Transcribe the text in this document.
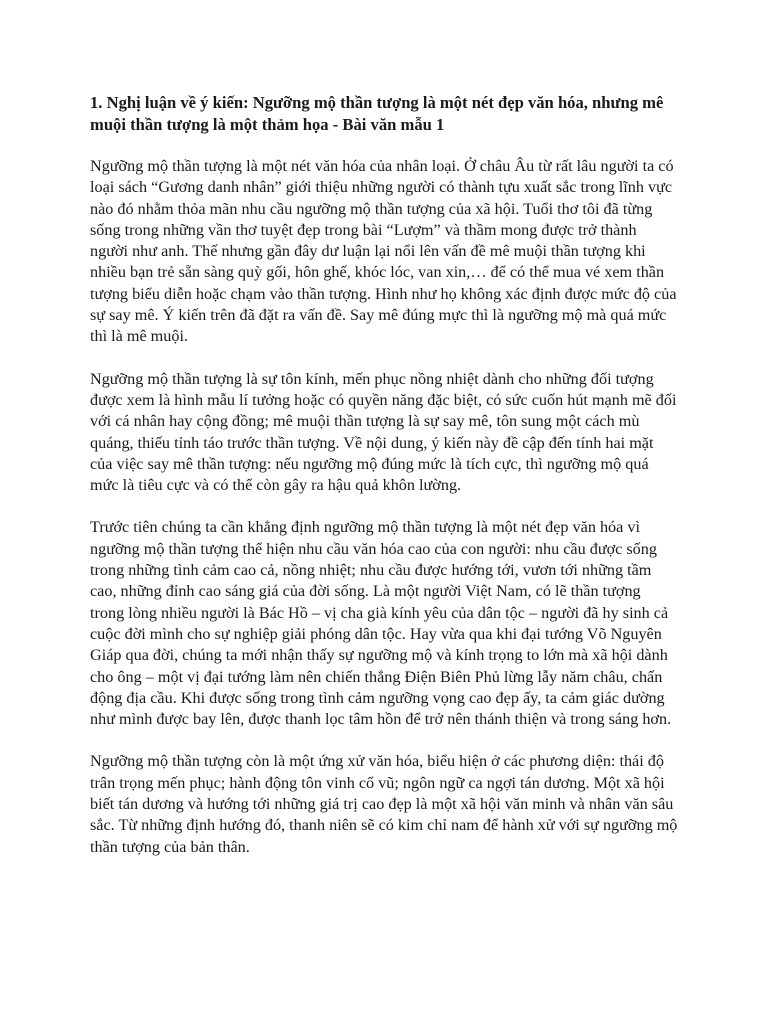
1. Nghị luận về ý kiến: Ngưỡng mộ thần tượng là một nét đẹp văn hóa, nhưng mê muội thần tượng là một thảm họa - Bài văn mẫu 1

Ngưỡng mộ thần tượng là một nét văn hóa của nhân loại. Ở châu Âu từ rất lâu người ta có loại sách “Gương danh nhân” giới thiệu những người có thành tựu xuất sắc trong lĩnh vực nào đó nhằm thỏa mãn nhu cầu ngưỡng mộ thần tượng của xã hội. Tuổi thơ tôi đã từng sống trong những vần thơ tuyệt đẹp trong bài “Lượm” và thầm mong được trở thành người như anh. Thế nhưng gần đây dư luận lại nổi lên vấn đề mê muội thần tượng khi nhiều bạn trẻ sẵn sàng quỳ gối, hôn ghế, khóc lóc, van xin,… để có thể mua vé xem thần tượng biểu diễn hoặc chạm vào thần tượng. Hình như họ không xác định được mức độ của sự say mê. Ý kiến trên đã đặt ra vấn đề. Say mê đúng mực thì là ngưỡng mộ mà quá mức thì là mê muội.

Ngưỡng mộ thần tượng là sự tôn kính, mến phục nồng nhiệt dành cho những đối tượng được xem là hình mẫu lí tưởng hoặc có quyền năng đặc biệt, có sức cuốn hút mạnh mẽ đối với cá nhân hay cộng đồng; mê muội thần tượng là sự say mê, tôn sung một cách mù quáng, thiếu tỉnh táo trước thần tượng. Về nội dung, ý kiến này đề cập đến tính hai mặt của việc say mê thần tượng: nếu ngưỡng mộ đúng mức là tích cực, thì ngưỡng mộ quá mức là tiêu cực và có thể còn gây ra hậu quả khôn lường.

Trước tiên chúng ta cần khẳng định ngưỡng mộ thần tượng là một nét đẹp văn hóa vì ngưỡng mộ thần tượng thể hiện nhu cầu văn hóa cao của con người: nhu cầu được sống trong những tình cảm cao cả, nồng nhiệt; nhu cầu được hướng tới, vươn tới những tầm cao, những đỉnh cao sáng giá của đời sống. Là một người Việt Nam, có lẽ thần tượng trong lòng nhiều người là Bác Hồ – vị cha già kính yêu của dân tộc – người đã hy sinh cả cuộc đời mình cho sự nghiệp giải phóng dân tộc. Hay vừa qua khi đại tướng Võ Nguyên Giáp qua đời, chúng ta mới nhận thấy sự ngưỡng mộ và kính trọng to lớn mà xã hội dành cho ông – một vị đại tướng làm nên chiến thắng Điện Biên Phủ lừng lẫy năm châu, chấn động địa cầu. Khi được sống trong tình cảm ngưỡng vọng cao đẹp ấy, ta cảm giác dường như mình được bay lên, được thanh lọc tâm hồn để trở nên thánh thiện và trong sáng hơn.

Ngưỡng mộ thần tượng còn là một ứng xử văn hóa, biểu hiện ở các phương diện: thái độ trân trọng mến phục; hành động tôn vinh cổ vũ; ngôn ngữ ca ngợi tán dương. Một xã hội biết tán dương và hướng tới những giá trị cao đẹp là một xã hội văn minh và nhân văn sâu sắc. Từ những định hướng đó, thanh niên sẽ có kim chỉ nam để hành xử với sự ngưỡng mộ thần tượng của bản thân.
